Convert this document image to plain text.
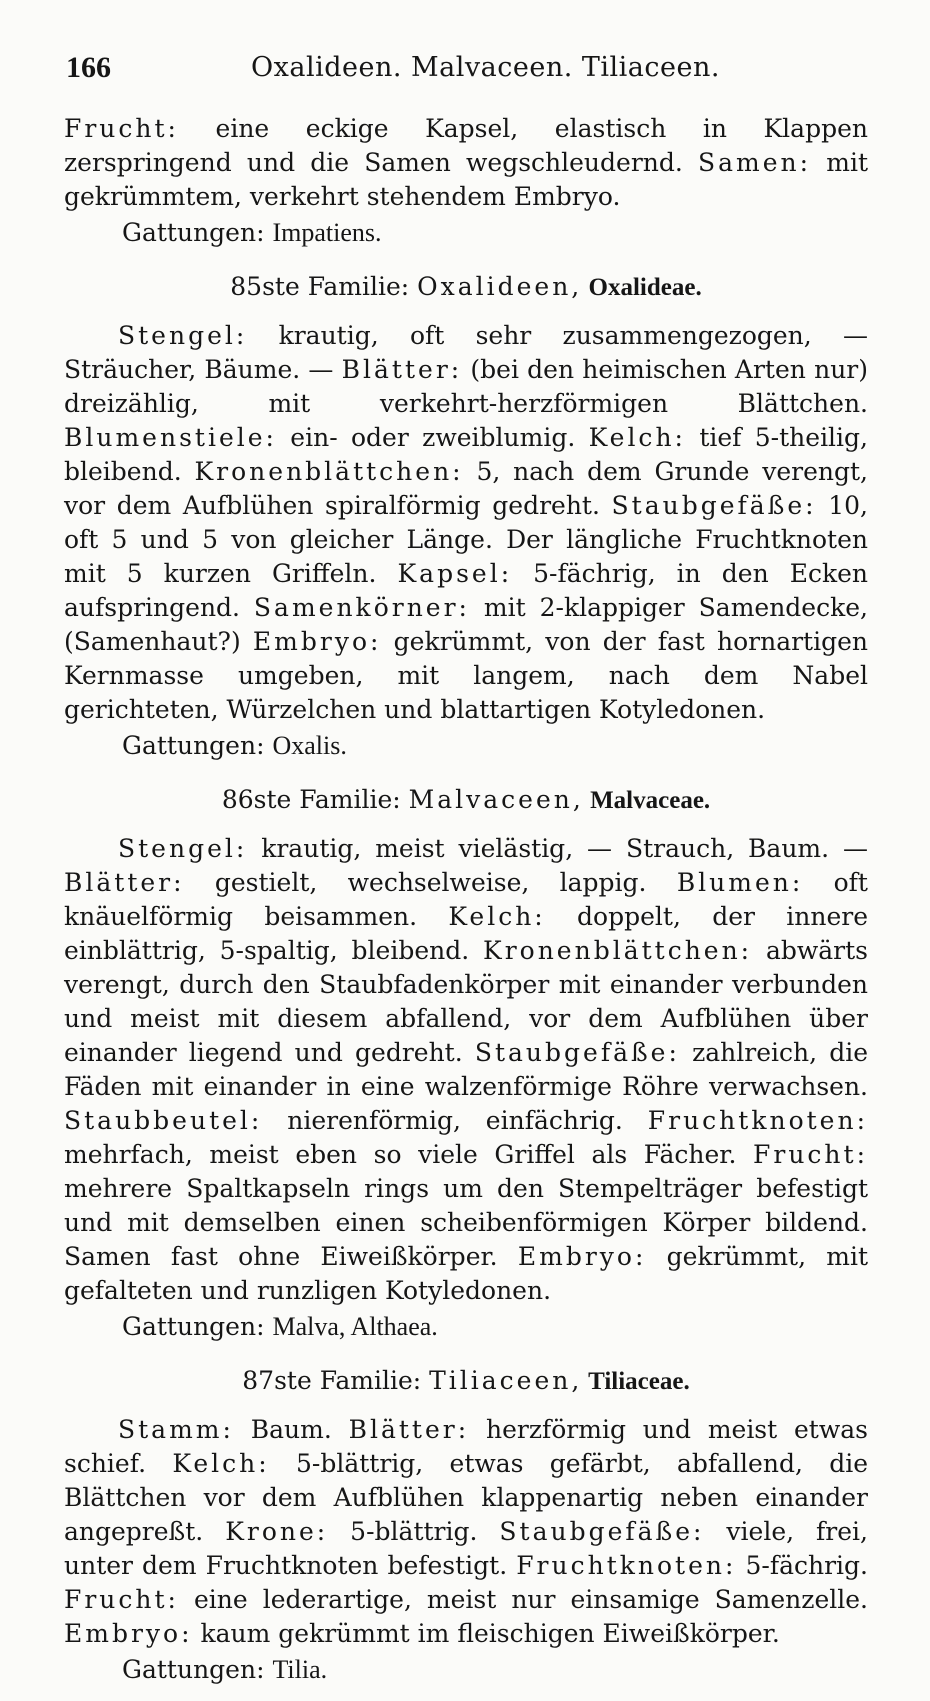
166	Oxalideen. Malvaceen. Tiliaceen.

Frucht: eine eckige Kapsel, elastisch in Klappen zerspringend und die Samen wegschleudernd. Samen: mit gekrümmtem, verkehrt stehendem Embryo.

Gattungen: Impatiens.

85ste Familie: Oxalideen, Oxalideae.

Stengel: krautig, oft sehr zusammengezogen, — Sträucher, Bäume. — Blätter: (bei den heimischen Arten nur) dreizählig, mit verkehrt-herzförmigen Blättchen. Blumenstiele: ein- oder zweiblumig. Kelch: tief 5-theilig, bleibend. Kronenblättchen: 5, nach dem Grunde verengt, vor dem Aufblühen spiralförmig gedreht. Staubgefäße: 10, oft 5 und 5 von gleicher Länge. Der längliche Fruchtknoten mit 5 kurzen Griffeln. Kapsel: 5-fächrig, in den Ecken aufspringend. Samenkörner: mit 2-klappiger Samendecke, (Samenhaut?) Embryo: gekrümmt, von der fast hornartigen Kernmasse umgeben, mit langem, nach dem Nabel gerichteten, Würzelchen und blattartigen Kotyledonen.

Gattungen: Oxalis.

86ste Familie: Malvaceen, Malvaceae.

Stengel: krautig, meist vielästig, — Strauch, Baum. — Blätter: gestielt, wechselweise, lappig. Blumen: oft knäuelförmig beisammen. Kelch: doppelt, der innere einblättrig, 5-spaltig, bleibend. Kronenblättchen: abwärts verengt, durch den Staubfadenkörper mit einander verbunden und meist mit diesem abfallend, vor dem Aufblühen über einander liegend und gedreht. Staubgefäße: zahlreich, die Fäden mit einander in eine walzenförmige Röhre verwachsen. Staubbeutel: nierenförmig, einfächrig. Fruchtknoten: mehrfach, meist eben so viele Griffel als Fächer. Frucht: mehrere Spaltkapseln rings um den Stempelträger befestigt und mit demselben einen scheibenförmigen Körper bildend. Samen fast ohne Eiweißkörper. Embryo: gekrümmt, mit gefalteten und runzligen Kotyledonen.

Gattungen: Malva, Althaea.

87ste Familie: Tiliaceen, Tiliaceae.

Stamm: Baum. Blätter: herzförmig und meist etwas schief. Kelch: 5-blättrig, etwas gefärbt, abfallend, die Blättchen vor dem Aufblühen klappenartig neben einander angepreßt. Krone: 5-blättrig. Staubgefäße: viele, frei, unter dem Fruchtknoten befestigt. Fruchtknoten: 5-fächrig. Frucht: eine lederartige, meist nur einsamige Samenzelle. Embryo: kaum gekrümmt im fleischigen Eiweißkörper.

Gattungen: Tilia.
